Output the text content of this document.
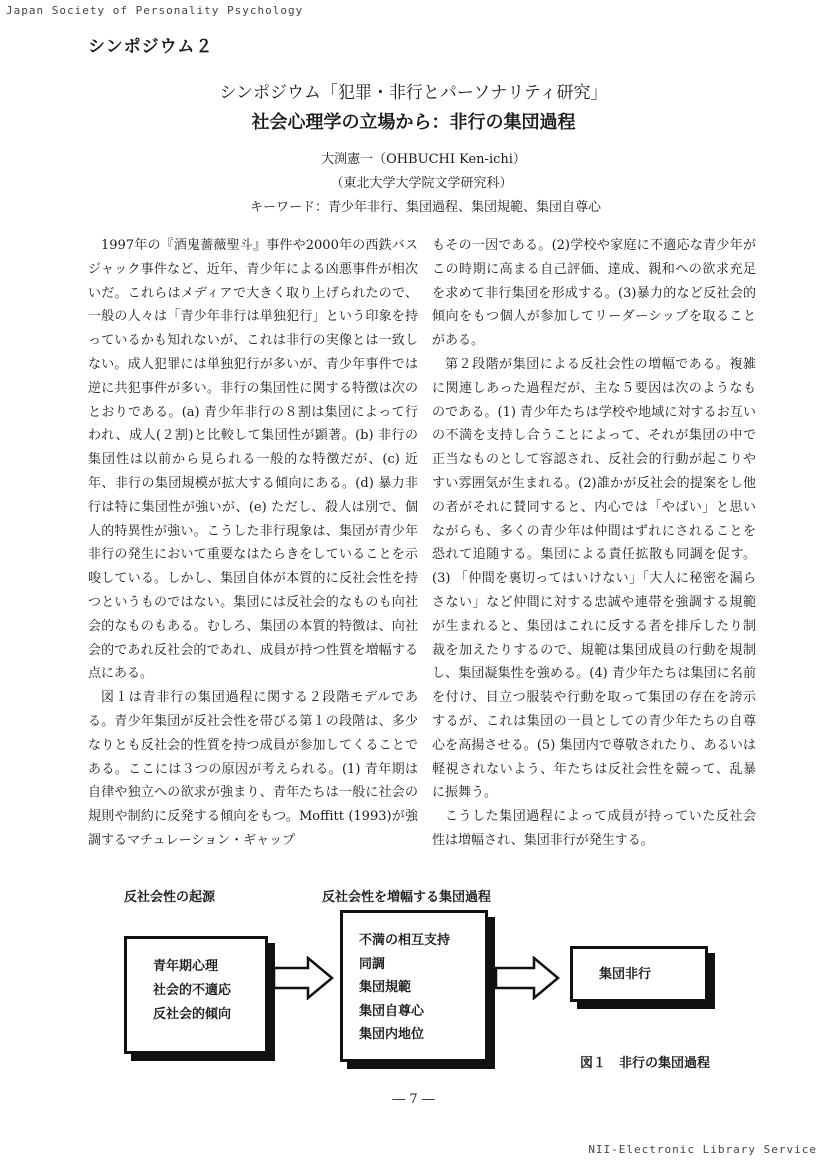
Japan Society of Personality Psychology
シンポジウム２
シンポジウム「犯罪・非行とパーソナリティ研究」
社会心理学の立場から：非行の集団過程
大渕憲一（OHBUCHI Ken-ichi）
（東北大学大学院文学研究科）
キーワード：青少年非行、集団過程、集団規範、集団自尊心

1997年の『酒鬼薔薇聖斗』事件や2000年の西鉄バスジャック事件など、近年、青少年による凶悪事件が相次いだ。これらはメディアで大きく取り上げられたので、一般の人々は「青少年非行は単独犯行」という印象を持っているかも知れないが、これは非行の実像とは一致しない。成人犯罪には単独犯行が多いが、青少年事件では逆に共犯事件が多い。非行の集団性に関する特徴は次のとおりである。(a) 青少年非行の８割は集団によって行われ、成人(２割)と比較して集団性が顕著。(b) 非行の集団性は以前から見られる一般的な特徴だが、(c) 近年、非行の集団規模が拡大する傾向にある。(d) 暴力非行は特に集団性が強いが、(e) ただし、殺人は別で、個人的特異性が強い。こうした非行現象は、集団が青少年非行の発生において重要なはたらきをしていることを示唆している。しかし、集団自体が本質的に反社会性を持つというものではない。集団には反社会的なものも向社会的なものもある。むしろ、集団の本質的特徴は、向社会的であれ反社会的であれ、成員が持つ性質を増幅する点にある。

図１は青非行の集団過程に関する２段階モデルである。青少年集団が反社会性を帯びる第１の段階は、多少なりとも反社会的性質を持つ成員が参加してくることである。ここには３つの原因が考えられる。(1) 青年期は自律や独立への欲求が強まり、青年たちは一般に社会の規則や制約に反発する傾向をもつ。Moffitt (1993)が強調するマチュレーション・ギャップ

もその一因である。(2)学校や家庭に不適応な青少年がこの時期に高まる自己評価、達成、親和への欲求充足を求めて非行集団を形成する。(3)暴力的など反社会的傾向をもつ個人が参加してリーダーシップを取ることがある。

第２段階が集団による反社会性の増幅である。複雑に関連しあった過程だが、主な５要因は次のようなものである。(1) 青少年たちは学校や地域に対するお互いの不満を支持し合うことによって、それが集団の中で正当なものとして容認され、反社会的行動が起こりやすい雰囲気が生まれる。(2)誰かが反社会的提案をし他の者がそれに賛同すると、内心では「やばい」と思いながらも、多くの青少年は仲間はずれにされることを恐れて追随する。集団による責任拡散も同調を促す。(3) 「仲間を裏切ってはいけない」「大人に秘密を漏らさない」など仲間に対する忠誠や連帯を強調する規範が生まれると、集団はこれに反する者を排斥したり制裁を加えたりするので、規範は集団成員の行動を規制し、集団凝集性を強める。(4) 青少年たちは集団に名前を付け、目立つ服装や行動を取って集団の存在を誇示するが、これは集団の一員としての青少年たちの自尊心を高揚させる。(5) 集団内で尊敬されたり、あるいは軽視されないよう、年たちは反社会性を競って、乱暴に振舞う。

こうした集団過程によって成員が持っていた反社会性は増幅され、集団非行が発生する。

反社会性の起源	反社会性を増幅する集団過程
青年期心理
社会的不適応
反社会的傾向
不満の相互支持
同調
集団規範
集団自尊心
集団内地位
集団非行
図１　非行の集団過程
― 7 ―
NII-Electronic Library Service
